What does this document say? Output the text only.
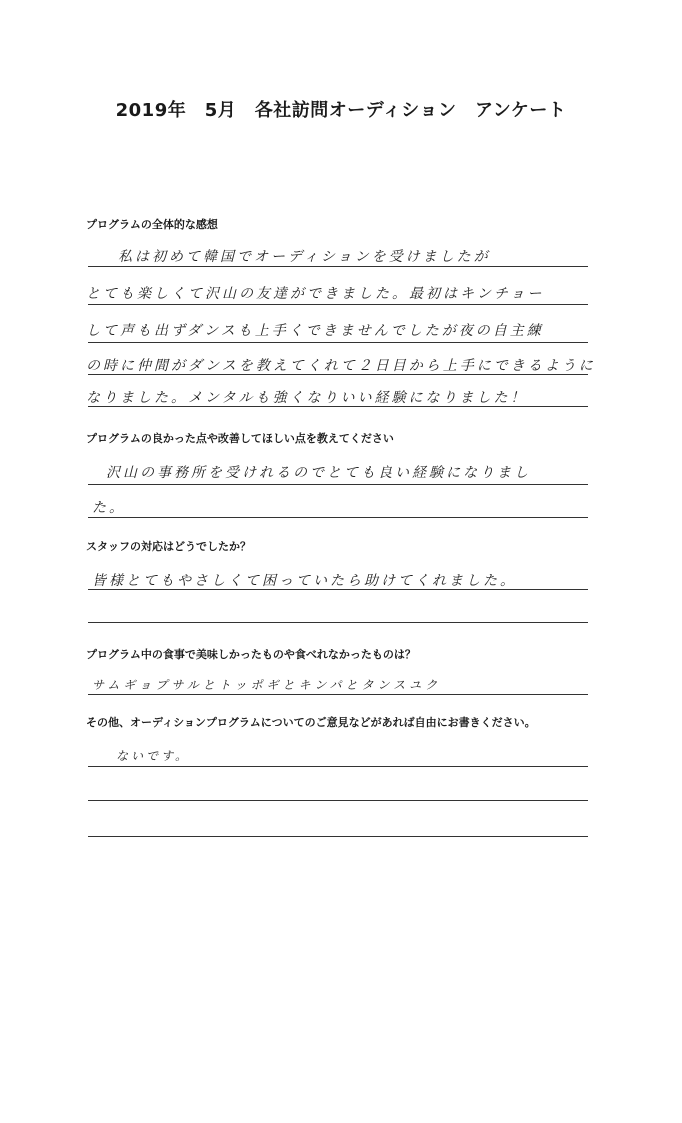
2019年　5月　各社訪問オーディション　アンケート
プログラムの全体的な感想
私は初めて韓国でオーディションを受けましたが
とても楽しくて沢山の友達ができました。最初はキンチョー
して声も出ずダンスも上手くできませんでしたが夜の自主練
の時に仲間がダンスを教えてくれて２日目から上手にできるように
なりました。メンタルも強くなりいい経験になりました！
プログラムの良かった点や改善してほしい点を教えてください
沢山の事務所を受けれるのでとても良い経験になりまし
た。
スタッフの対応はどうでしたか？
皆様とてもやさしくて困っていたら助けてくれました。
プログラム中の食事で美味しかったものや食べれなかったものは？
サムギョプサルとトッポギとキンパとタンスユク
その他、オーディションプログラムについてのご意見などがあれば自由にお書きください。
ないです。
